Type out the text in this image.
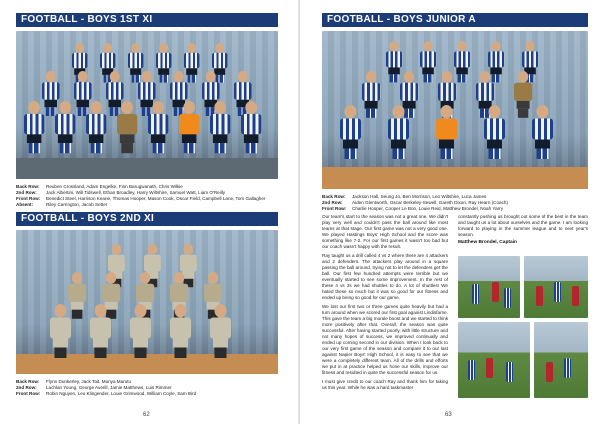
FOOTBALL - BOYS 1ST XI
Back Row: Reuben Crossland, Adam Engelke, Finn Barugwanath, Chris Wilkie
2nd Row: Jack Albertini, Will Tidswell, Ethan Broadley, Harry Wiltshire, Samuel Watt, Liam O'Reilly
Front Row: Benedict Steel, Harrison Keane, Thomas Hooper, Mason Cook, Oscar Field, Campbell Lane, Tom Gallagher
Absent:	Riley Carrington, Jacob Setter
FOOTBALL - BOYS 2ND XI
Back Row: Flynn Dunkerley, Jack Tait, Munya Marutu
2nd Row: Lachlan Young, George Averill, Jamie Matthews, Luis Rimmer
Front Row: Robin Nguyen, Leo Klingender, Louie Grimwood, William Coyle, Sam Bird
62
FOOTBALL - BOYS JUNIOR A
Back Row: Jackson Hall, Seung Jo, Ben Morrison, Leo Wiltshire, Luca James
2nd Row: Aiden Glentworth, Oscar Berkeley-Sewell, Gareth Dixon, Ray Hearn (Coach)
Front Row: Charlie Hooper, Cooper Le Bon, Louie Reid, Matthew Brondel, Noah Yarry

Our team's start to the season was not a great one. We didn't play very well and couldn't pass the ball around like most teams at that stage. Our first game was not a very good one. We played Hastings Boys' High School and the score was something like 7-2. For our first games it wasn't too bad but our coach wasn't happy with the result.

Ray taught us a drill called 4 vs 2 where there are 4 attackers and 2 defenders. The attackers play around in a square passing the ball around, trying not to let the defenders get the ball. Our first few hundred attempts were terrible but we eventually started to see some improvement. In the rest of these 4 vs 2s we had shuttles to do. A lot of shuttles! We hated these so much but it was so good for our fitness and ended up being so good for our game.

We lost our first two or three games quite heavily but had a turn around when we scored our first goal against Lindisfarne. This gave the team a big morale boost and we started to think more positively after that. Overall, the season was quite successful. After having started poorly, with little structure and not many hopes of success, we improved continually and ended up coming second in our division. When I look back to our very first game of the season and compare it to our last against Napier Boys' High School, it is easy to see that we were a completely different team. All of the drills and efforts we put in at practice helped us hone our skills, improve our fitness and resulted in quite the successful season for us.

I must give credit to our coach Ray and thank him for taking us this year. While he was a hard taskmaster

constantly pushing us brought out some of the best in the team and taught us a lot about ourselves and the game. I am looking forward to playing in the summer league and to next year's season.

Matthew Brondel, Captain
63
